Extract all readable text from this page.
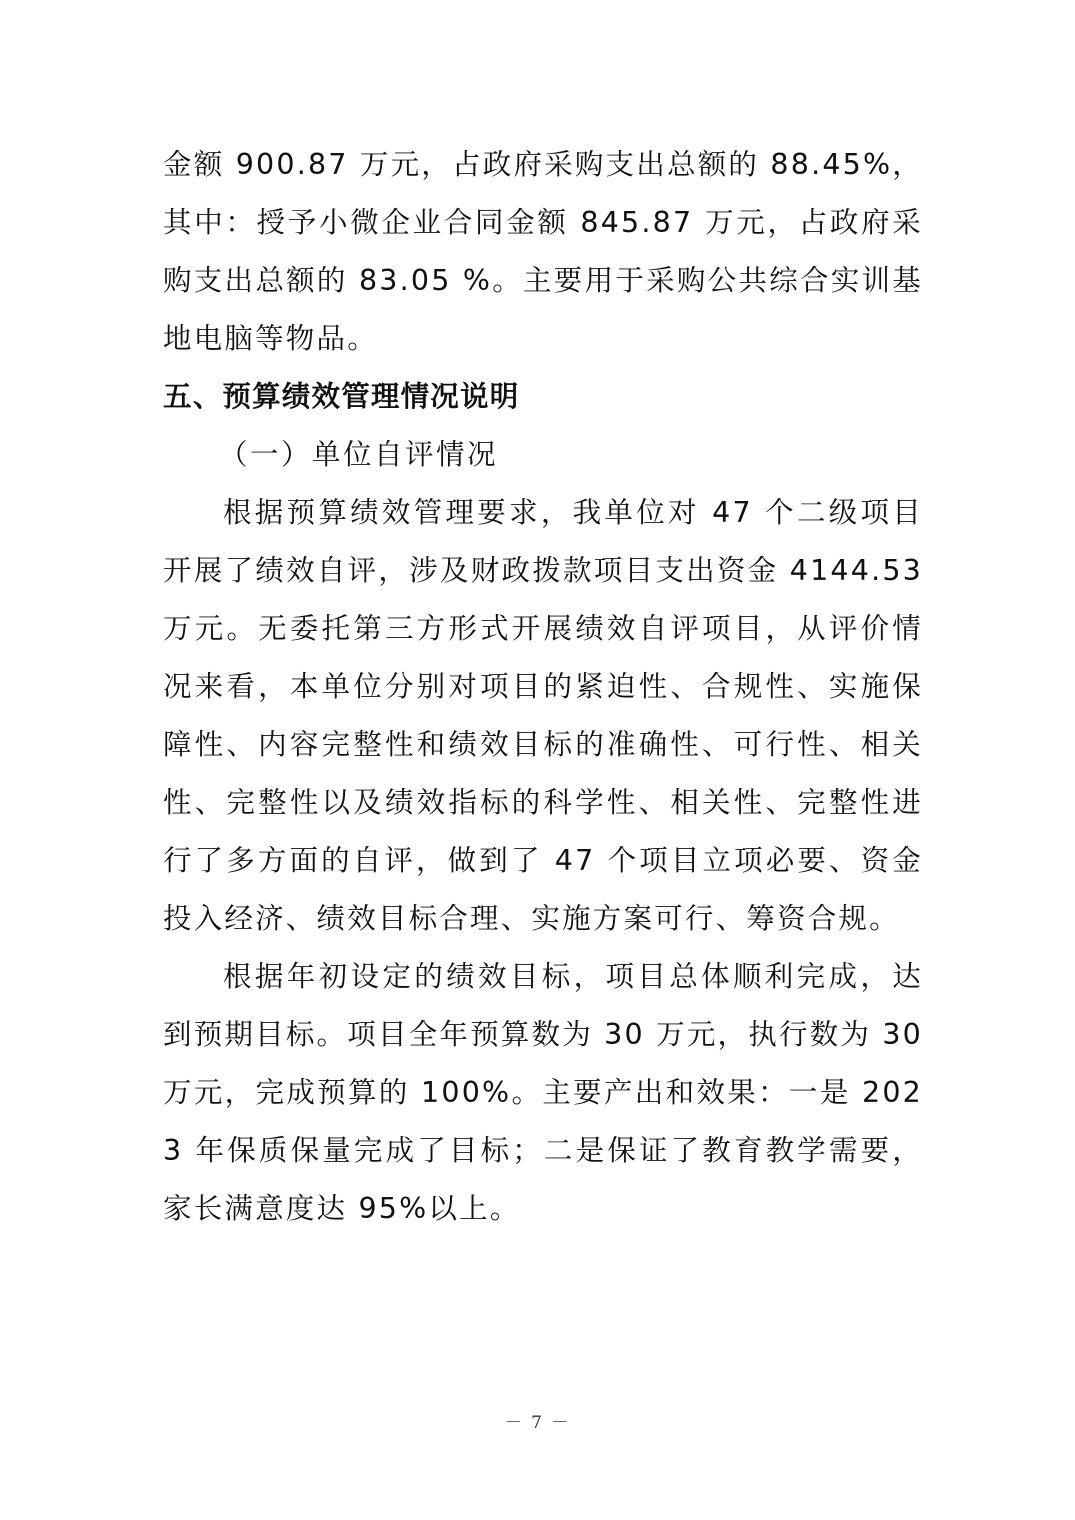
金额 900.87 万元，占政府采购支出总额的 88.45%，其中：授予小微企业合同金额 845.87 万元，占政府采购支出总额的 83.05 %。主要用于采购公共综合实训基地电脑等物品。

五、预算绩效管理情况说明

（一）单位自评情况

根据预算绩效管理要求，我单位对 47 个二级项目开展了绩效自评，涉及财政拨款项目支出资金 4144.53 万元。无委托第三方形式开展绩效自评项目，从评价情况来看，本单位分别对项目的紧迫性、合规性、实施保障性、内容完整性和绩效目标的准确性、可行性、相关性、完整性以及绩效指标的科学性、相关性、完整性进行了多方面的自评，做到了 47 个项目立项必要、资金投入经济、绩效目标合理、实施方案可行、筹资合规。

根据年初设定的绩效目标，项目总体顺利完成，达到预期目标。项目全年预算数为 30 万元，执行数为 30 万元，完成预算的 100%。主要产出和效果：一是 2023 年保质保量完成了目标；二是保证了教育教学需要，家长满意度达 95%以上。

－ 7 －
